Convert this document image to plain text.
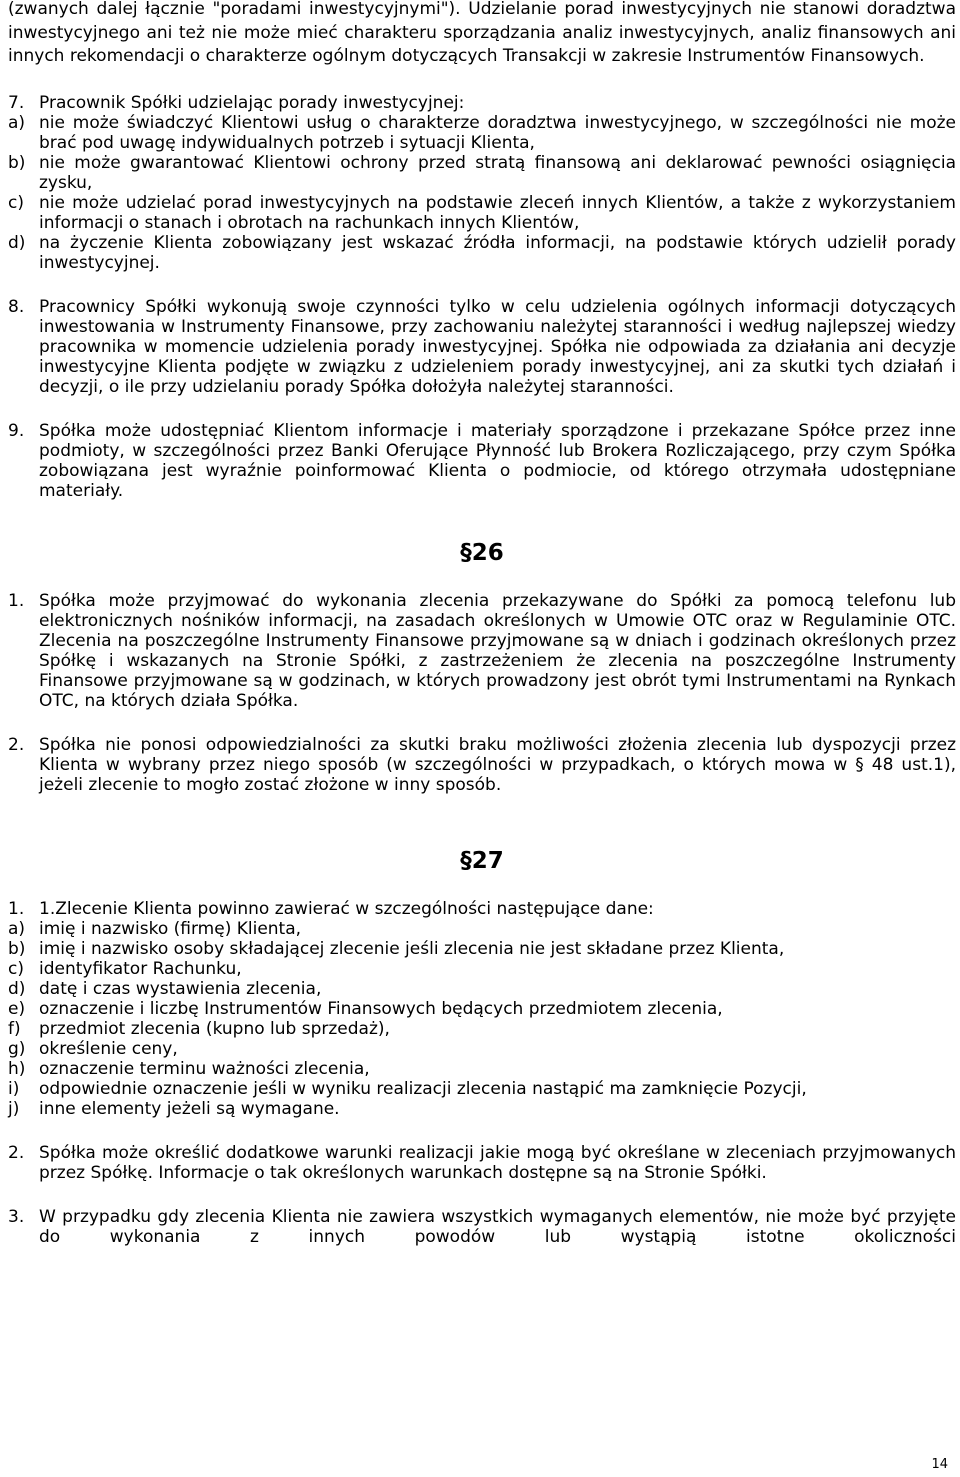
(zwanych dalej łącznie "poradami inwestycyjnymi"). Udzielanie porad inwestycyjnych nie stanowi doradztwa inwestycyjnego ani też nie może mieć charakteru sporządzania analiz inwestycyjnych, analiz finansowych ani innych rekomendacji o charakterze ogólnym dotyczących Transakcji w zakresie Instrumentów Finansowych.

7. Pracownik Spółki udzielając porady inwestycyjnej:
a) nie może świadczyć Klientowi usług o charakterze doradztwa inwestycyjnego, w szczególności nie może brać pod uwagę indywidualnych potrzeb i sytuacji Klienta,
b) nie może gwarantować Klientowi ochrony przed stratą finansową ani deklarować pewności osiągnięcia zysku,
c) nie może udzielać porad inwestycyjnych na podstawie zleceń innych Klientów, a także z wykorzystaniem informacji o stanach i obrotach na rachunkach innych Klientów,
d) na życzenie Klienta zobowiązany jest wskazać źródła informacji, na podstawie których udzielił porady inwestycyjnej.
8. Pracownicy Spółki wykonują swoje czynności tylko w celu udzielenia ogólnych informacji dotyczących inwestowania w Instrumenty Finansowe, przy zachowaniu należytej staranności i według najlepszej wiedzy pracownika w momencie udzielenia porady inwestycyjnej. Spółka nie odpowiada za działania ani decyzje inwestycyjne Klienta podjęte w związku z udzieleniem porady inwestycyjnej, ani za skutki tych działań i decyzji, o ile przy udzielaniu porady Spółka dołożyła należytej staranności.
9. Spółka może udostępniać Klientom informacje i materiały sporządzone i przekazane Spółce przez inne podmioty, w szczególności przez Banki Oferujące Płynność lub Brokera Rozliczającego, przy czym Spółka zobowiązana jest wyraźnie poinformować Klienta o podmiocie, od którego otrzymała udostępniane materiały.

§26

1. Spółka może przyjmować do wykonania zlecenia przekazywane do Spółki za pomocą telefonu lub elektronicznych nośników informacji, na zasadach określonych w Umowie OTC oraz w Regulaminie OTC. Zlecenia na poszczególne Instrumenty Finansowe przyjmowane są w dniach i godzinach określonych przez Spółkę i wskazanych na Stronie Spółki, z zastrzeżeniem że zlecenia na poszczególne Instrumenty Finansowe przyjmowane są w godzinach, w których prowadzony jest obrót tymi Instrumentami na Rynkach OTC, na których działa Spółka.
2. Spółka nie ponosi odpowiedzialności za skutki braku możliwości złożenia zlecenia lub dyspozycji przez Klienta w wybrany przez niego sposób (w szczególności w przypadkach, o których mowa w § 48 ust.1), jeżeli zlecenie to mogło zostać złożone w inny sposób.

§27

1. 1.Zlecenie Klienta powinno zawierać w szczególności następujące dane:
a) imię i nazwisko (firmę) Klienta,
b) imię i nazwisko osoby składającej zlecenie jeśli zlecenia nie jest składane przez Klienta,
c) identyfikator Rachunku,
d) datę i czas wystawienia zlecenia,
e) oznaczenie i liczbę Instrumentów Finansowych będących przedmiotem zlecenia,
f)	przedmiot zlecenia (kupno lub sprzedaż),
g) określenie ceny,
h) oznaczenie terminu ważności zlecenia,
i)	odpowiednie oznaczenie jeśli w wyniku realizacji zlecenia nastąpić ma zamknięcie Pozycji,
j)	inne elementy jeżeli są wymagane.
2. Spółka może określić dodatkowe warunki realizacji jakie mogą być określane w zleceniach przyjmowanych przez Spółkę. Informacje o tak określonych warunkach dostępne są na Stronie Spółki.
3. W przypadku gdy zlecenia Klienta nie zawiera wszystkich wymaganych elementów, nie może być przyjęte do wykonania z innych powodów lub wystąpią istotne okoliczności
14
